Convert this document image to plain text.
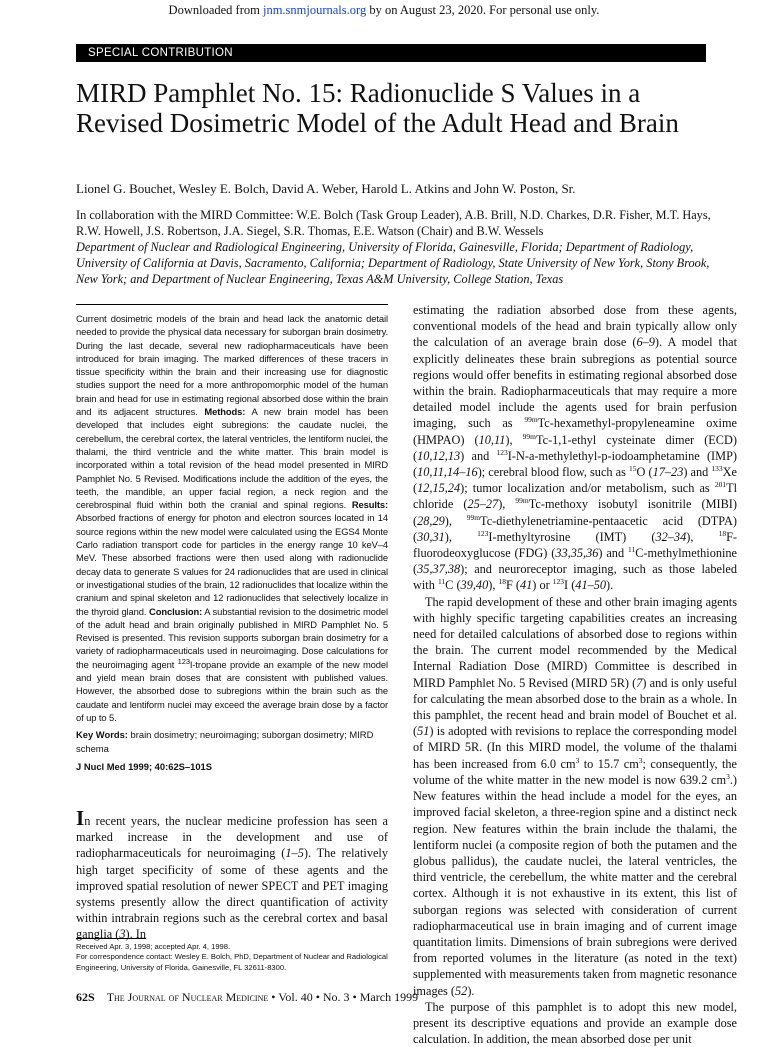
Downloaded from jnm.snmjournals.org by on August 23, 2020. For personal use only.
SPECIAL CONTRIBUTION
MIRD Pamphlet No. 15: Radionuclide S Values in a Revised Dosimetric Model of the Adult Head and Brain
Lionel G. Bouchet, Wesley E. Bolch, David A. Weber, Harold L. Atkins and John W. Poston, Sr.
In collaboration with the MIRD Committee: W.E. Bolch (Task Group Leader), A.B. Brill, N.D. Charkes, D.R. Fisher, M.T. Hays, R.W. Howell, J.S. Robertson, J.A. Siegel, S.R. Thomas, E.E. Watson (Chair) and B.W. Wessels
Department of Nuclear and Radiological Engineering, University of Florida, Gainesville, Florida; Department of Radiology, University of California at Davis, Sacramento, California; Department of Radiology, State University of New York, Stony Brook, New York; and Department of Nuclear Engineering, Texas A&M University, College Station, Texas

Current dosimetric models of the brain and head lack the anatomic detail needed to provide the physical data necessary for suborgan brain dosimetry. During the last decade, several new radiopharmaceuticals have been introduced for brain imaging. The marked differences of these tracers in tissue specificity within the brain and their increasing use for diagnostic studies support the need for a more anthropomorphic model of the human brain and head for use in estimating regional absorbed dose within the brain and its adjacent structures. Methods: A new brain model has been developed that includes eight subregions: the caudate nuclei, the cerebellum, the cerebral cortex, the lateral ventricles, the lentiform nuclei, the thalami, the third ventricle and the white matter. This brain model is incorporated within a total revision of the head model presented in MIRD Pamphlet No. 5 Revised. Modifications include the addition of the eyes, the teeth, the mandible, an upper facial region, a neck region and the cerebrospinal fluid within both the cranial and spinal regions. Results: Absorbed fractions of energy for photon and electron sources located in 14 source regions within the new model were calculated using the EGS4 Monte Carlo radiation transport code for particles in the energy range 10 keV–4 MeV. These absorbed fractions were then used along with radionuclide decay data to generate S values for 24 radionuclides that are used in clinical or investigational studies of the brain, 12 radionuclides that localize within the cranium and spinal skeleton and 12 radionuclides that selectively localize in the thyroid gland. Conclusion: A substantial revision to the dosimetric model of the adult head and brain originally published in MIRD Pamphlet No. 5 Revised is presented. This revision supports suborgan brain dosimetry for a variety of radiopharmaceuticals used in neuroimaging. Dose calculations for the neuroimaging agent $^{123}$I-tropane provide an example of the new model and yield mean brain doses that are consistent with published values. However, the absorbed dose to subregions within the brain such as the caudate and lentiform nuclei may exceed the average brain dose by a factor of up to 5.

Key Words: brain dosimetry; neuroimaging; suborgan dosimetry; MIRD schema

J Nucl Med 1999; 40:62S–101S

In recent years, the nuclear medicine profession has seen a marked increase in the development and use of radiopharmaceuticals for neuroimaging (1–5). The relatively high target specificity of some of these agents and the improved spatial resolution of newer SPECT and PET imaging systems presently allow the direct quantification of activity within intrabrain regions such as the cerebral cortex and basal ganglia (3). In

Received Apr. 3, 1998; accepted Apr. 4, 1998.
For correspondence contact: Wesley E. Bolch, PhD, Department of Nuclear and Radiological Engineering, University of Florida, Gainesville, FL 32611-8300.

estimating the radiation absorbed dose from these agents, conventional models of the head and brain typically allow only the calculation of an average brain dose (6–9). A model that explicitly delineates these brain subregions as potential source regions would offer benefits in estimating regional absorbed dose within the brain. Radiopharmaceuticals that may require a more detailed model include the agents used for brain perfusion imaging, such as $^{99m}$Tc-hexamethyl-propyleneamine oxime (HMPAO) (10,11), $^{99m}$Tc-1,1-ethyl cysteinate dimer (ECD) (10,12,13) and $^{123}$I-N-a-methylethyl-p-iodoamphetamine (IMP) (10,11,14–16); cerebral blood flow, such as $^{15}$O (17–23) and $^{133}$Xe (12,15,24); tumor localization and/or metabolism, such as $^{201}$Tl chloride (25–27), $^{99m}$Tc-methoxy isobutyl isonitrile (MIBI) (28,29), $^{99m}$Tc-diethylenetriamine-pentaacetic acid (DTPA) (30,31), $^{123}$I-methyltyrosine (IMT) (32–34), $^{18}$F-fluorodeoxyglucose (FDG) (33,35,36) and $^{11}$C-methylmethionine (35,37,38); and neuroreceptor imaging, such as those labeled with $^{11}$C (39,40), $^{18}$F (41) or $^{123}$I (41–50).

The rapid development of these and other brain imaging agents with highly specific targeting capabilities creates an increasing need for detailed calculations of absorbed dose to regions within the brain. The current model recommended by the Medical Internal Radiation Dose (MIRD) Committee is described in MIRD Pamphlet No. 5 Revised (MIRD 5R) (7) and is only useful for calculating the mean absorbed dose to the brain as a whole. In this pamphlet, the recent head and brain model of Bouchet et al. (51) is adopted with revisions to replace the corresponding model of MIRD 5R. (In this MIRD model, the volume of the thalami has been increased from 6.0 $cm^3$ to 15.7 $cm^3$; consequently, the volume of the white matter in the new model is now 639.2 $cm^3$.) New features within the head include a model for the eyes, an improved facial skeleton, a three-region spine and a distinct neck region. New features within the brain include the thalami, the lentiform nuclei (a composite region of both the putamen and the globus pallidus), the caudate nuclei, the lateral ventricles, the third ventricle, the cerebellum, the white matter and the cerebral cortex. Although it is not exhaustive in its extent, this list of suborgan regions was selected with consideration of current radiopharmaceutical use in brain imaging and of current image quantitation limits. Dimensions of brain subregions were derived from reported volumes in the literature (as noted in the text) supplemented with measurements taken from magnetic resonance images (52).

The purpose of this pamphlet is to adopt this new model, present its descriptive equations and provide an example dose calculation. In addition, the mean absorbed dose per unit

62S The Journal of Nuclear Medicine • Vol. 40 • No. 3 • March 1999
